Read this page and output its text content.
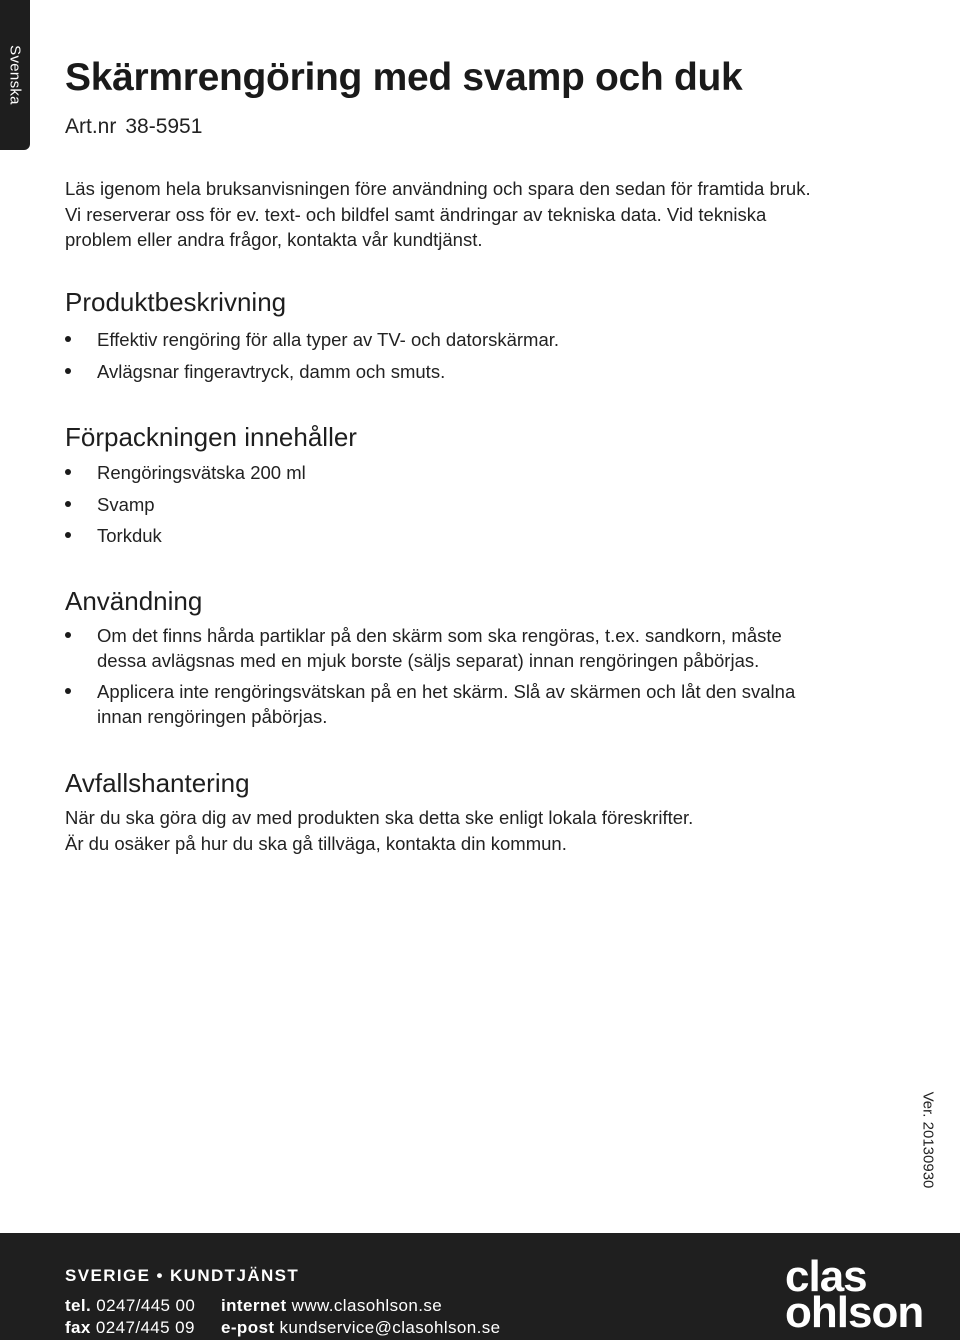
Svenska Skärmrengöring med svamp och duk
Art.nr 38-5951
Läs igenom hela bruksanvisningen före användning och spara den sedan för framtida bruk.
Vi reserverar oss för ev. text- och bildfel samt ändringar av tekniska data. Vid tekniska
problem eller andra frågor, kontakta vår kundtjänst.
Produktbeskrivning
Effektiv rengöring för alla typer av TV- och datorskärmar.
Avlägsnar fingeravtryck, damm och smuts.
Förpackningen innehåller
Rengöringsvätska 200 ml
Svamp
Torkduk
Användning
Om det finns hårda partiklar på den skärm som ska rengöras, t.ex. sandkorn, måste
dessa avlägsnas med en mjuk borste (säljs separat) innan rengöringen påbörjas.
Applicera inte rengöringsvätskan på en het skärm. Slå av skärmen och låt den svalna
innan rengöringen påbörjas.
Avfallshantering
När du ska göra dig av med produkten ska detta ske enligt lokala föreskrifter.
Är du osäker på hur du ska gå tillväga, kontakta din kommun.
Ver. 20130930
SVERIGE • KUNDTJÄNST
tel. 0247/445 00 internet www.clasohlson.se
fax 0247/445 09 e-post kundservice@clasohlson.se
clas
ohlson
